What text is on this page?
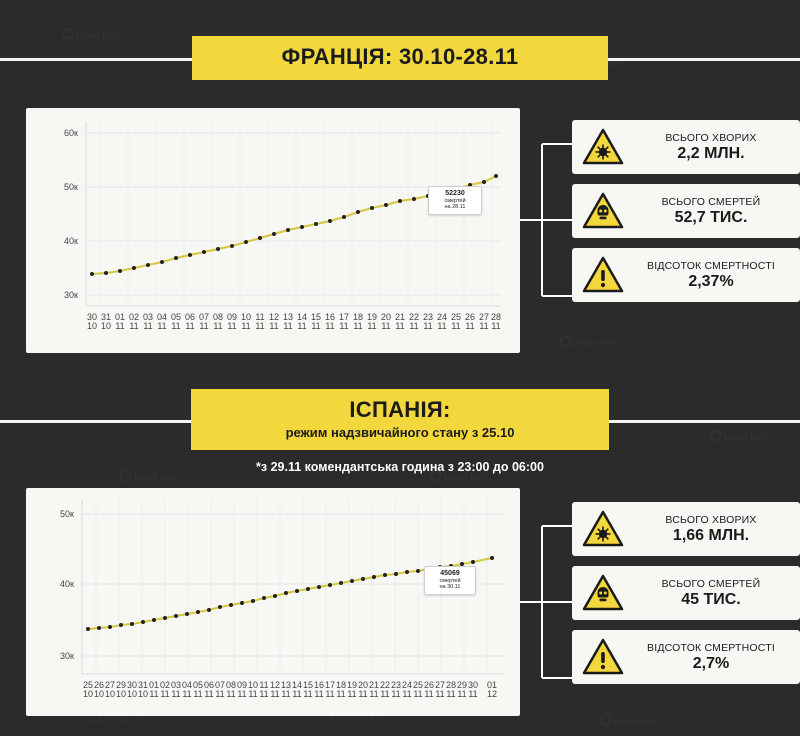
ФРАНЦІЯ: 30.10-28.11
60к
50к
40к
30к
30
10
31
10
01
11
02
11
03
11
04
11
05
11
06
11
07
11
08
11
09
11
10
11
11
11
12
11
13
11
14
11
15
11
16
11
17
11
18
11
19
11
20
11
21
11
22
11
23
11
24
11
25
11
26
11
27
11
28
11
52230
смертей
на 28.11
ВСЬОГО ХВОРИХ
2,2 МЛН.
ВСЬОГО СМЕРТЕЙ
52,7 ТИС.
ВІДСОТОК СМЕРТНОСТІ
2,37%
ІСПАНІЯ:
режим надзвичайного стану з 25.10
*з 29.11 комендантська година з 23:00 до 06:00
50к
40к
30к
25
10
26
10
27
10
29
10
30
10
31
10
01
11
02
11
03
11
04
11
05
11
06
11
07
11
08
11
09
11
10
11
11
11
12
11
13
11
14
11
15
11
16
11
17
11
18
11
19
11
20
11
21
11
22
11
23
11
24
11
25
11
26
11
27
11
28
11
29
11
30
11
01
12
45069
смертей
на 30.11
ВСЬОГО ХВОРИХ
1,66 МЛН.
ВСЬОГО СМЕРТЕЙ
45 ТИС.
ВІДСОТОК СМЕРТНОСТІ
2,7%
